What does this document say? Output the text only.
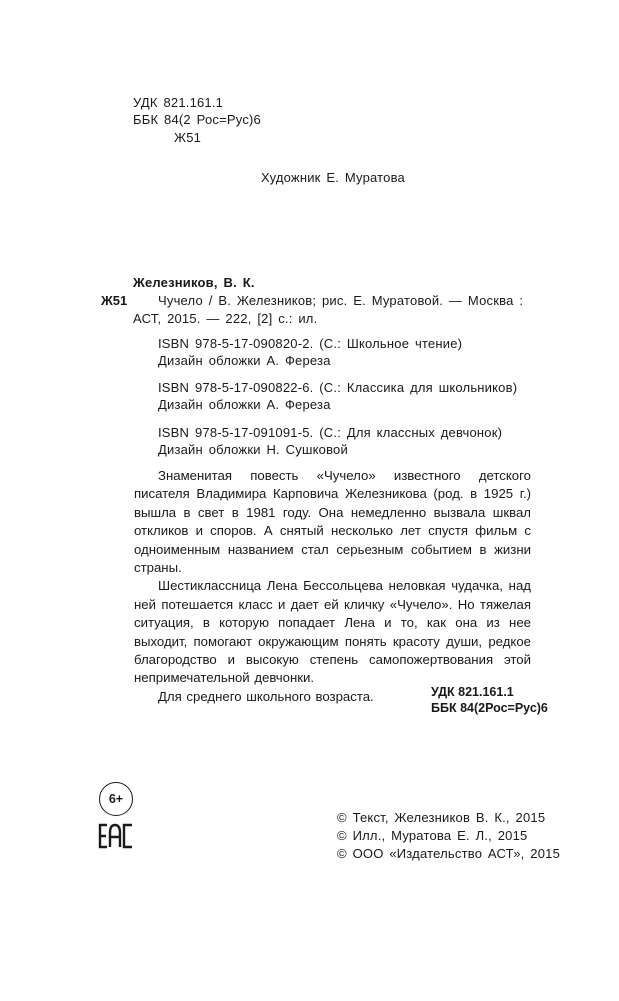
УДК 821.161.1
ББК 84(2 Рос=Рус)6
Ж51
Художник Е. Муратова
Железников, В. К.
Ж51 Чучело / В. Железников; рис. Е. Муратовой. — Москва :
АСТ, 2015. — 222, [2] с.: ил.
ISBN 978-5-17-090820-2. (С.: Школьное чтение)
Дизайн обложки А. Фереза
ISBN 978-5-17-090822-6. (С.: Классика для школьников)
Дизайн обложки А. Фереза
ISBN 978-5-17-091091-5. (С.: Для классных девчонок)
Дизайн обложки Н. Сушковой

Знаменитая повесть «Чучело» известного детского писателя Владимира Карповича Железникова (род. в 1925 г.) вышла в свет в 1981 году. Она немедленно вызвала шквал откликов и споров. А снятый несколько лет спустя фильм с одноименным названием стал серьезным событием в жизни страны.

Шестиклассница Лена Бессольцева неловкая чудачка, над ней потешается класс и дает ей кличку «Чучело». Но тяжелая ситуация, в которую попадает Лена и то, как она из нее выходит, помогают окружающим понять красоту души, редкое благородство и высокую степень самопожертвования этой непримечательной девчонки.

Для среднего школьного возраста.	УДК 821.161.1
ББК 84(2Рос=Рус)6
6+
© Текст, Железников В. К., 2015
© Илл., Муратова Е. Л., 2015
© ООО «Издательство АСТ», 2015
